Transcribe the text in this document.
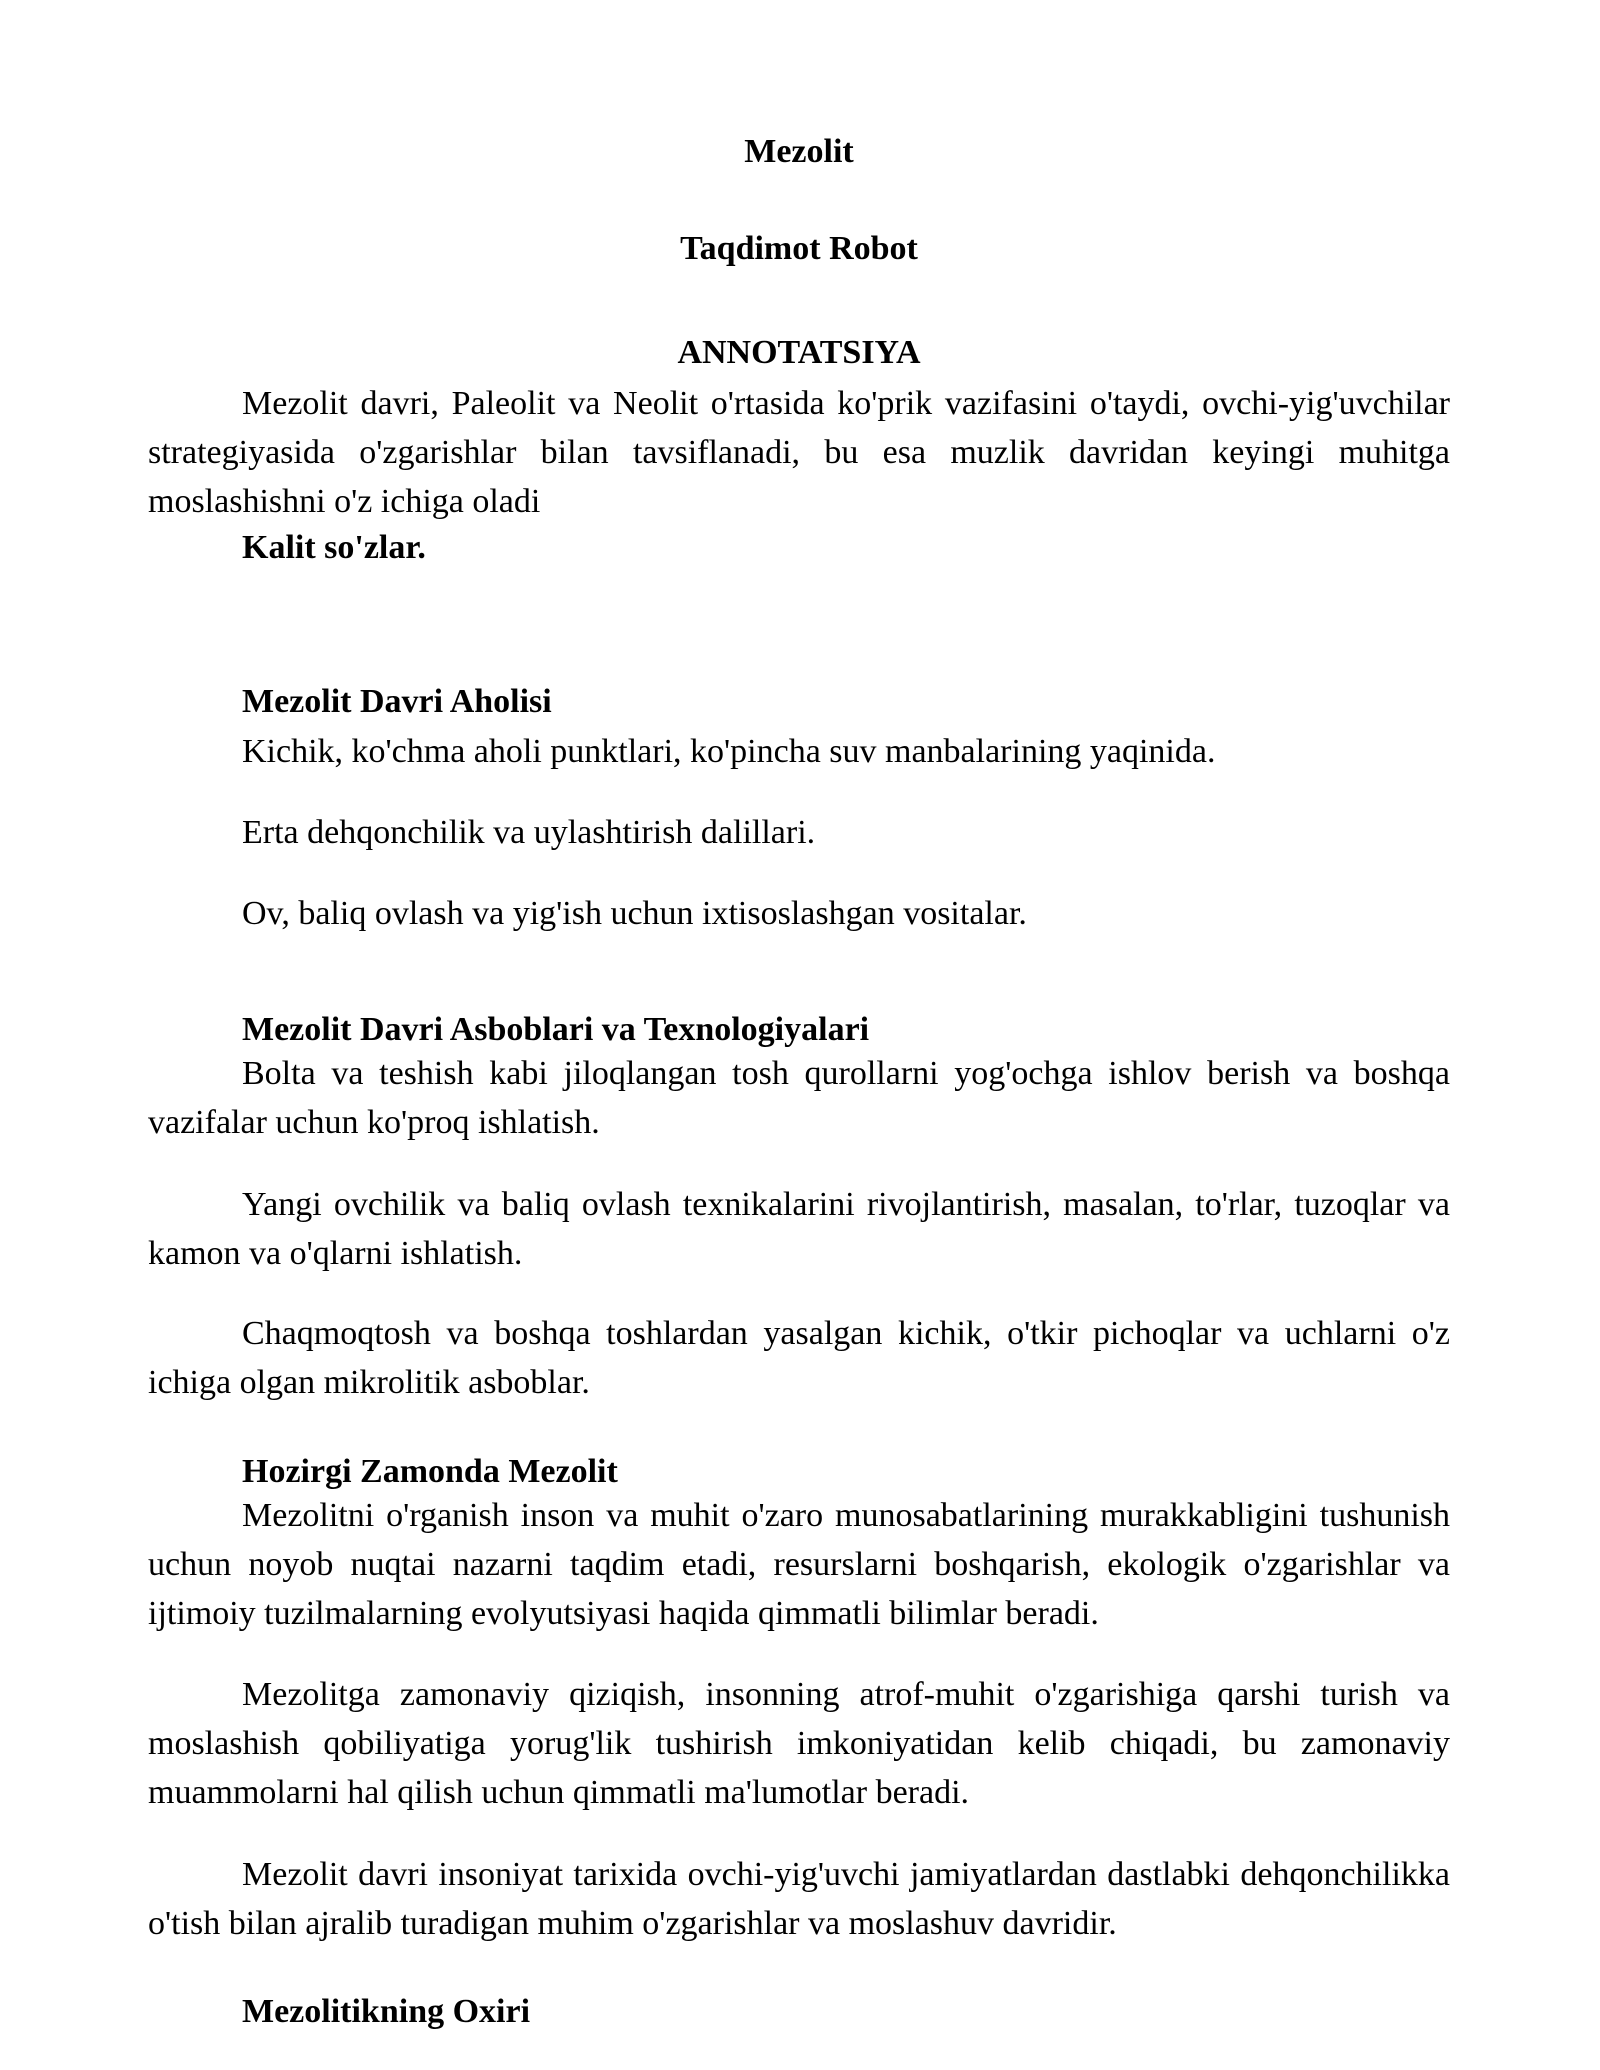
Mezolit
Taqdimot Robot
ANNOTATSIYA
Mezolit davri, Paleolit va Neolit o'rtasida ko'prik vazifasini o'taydi, ovchi-yig'uvchilar strategiyasida o'zgarishlar bilan tavsiflanadi, bu esa muzlik davridan keyingi muhitga moslashishni o'z ichiga oladi
Kalit so'zlar.
Mezolit Davri Aholisi
Kichik, ko'chma aholi punktlari, ko'pincha suv manbalarining yaqinida.
Erta dehqonchilik va uylashtirish dalillari.
Ov, baliq ovlash va yig'ish uchun ixtisoslashgan vositalar.
Mezolit Davri Asboblari va Texnologiyalari
Bolta va teshish kabi jiloqlangan tosh qurollarni yog'ochga ishlov berish va boshqa vazifalar uchun ko'proq ishlatish.
Yangi ovchilik va baliq ovlash texnikalarini rivojlantirish, masalan, to'rlar, tuzoqlar va kamon va o'qlarni ishlatish.
Chaqmoqtosh va boshqa toshlardan yasalgan kichik, o'tkir pichoqlar va uchlarni o'z ichiga olgan mikrolitik asboblar.
Hozirgi Zamonda Mezolit
Mezolitni o'rganish inson va muhit o'zaro munosabatlarining murakkabligini tushunish uchun noyob nuqtai nazarni taqdim etadi, resurslarni boshqarish, ekologik o'zgarishlar va ijtimoiy tuzilmalarning evolyutsiyasi haqida qimmatli bilimlar beradi.
Mezolitga zamonaviy qiziqish, insonning atrof-muhit o'zgarishiga qarshi turish va moslashish qobiliyatiga yorug'lik tushirish imkoniyatidan kelib chiqadi, bu zamonaviy muammolarni hal qilish uchun qimmatli ma'lumotlar beradi.
Mezolit davri insoniyat tarixida ovchi-yig'uvchi jamiyatlardan dastlabki dehqonchilikka o'tish bilan ajralib turadigan muhim o'zgarishlar va moslashuv davridir.
Mezolitikning Oxiri
